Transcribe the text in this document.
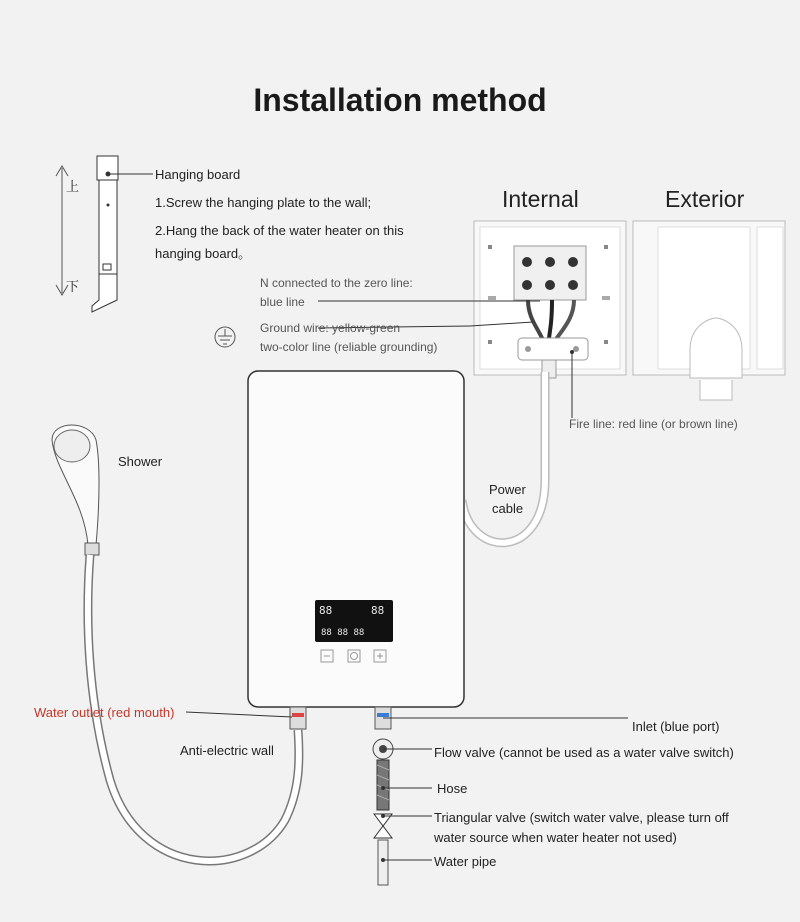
Installation method
88	88
88 88 88
上
下
Hanging board
1.Screw the hanging plate to the wall;
2.Hang the back of the water heater on this
hanging board。
Internal	Exterior
N connected to the zero line:
blue line
Ground wire: yellow-green
two-color line (reliable grounding)
Fire line: red line (or brown line)
Power
cable
Shower
Water outlet (red mouth)
Anti-electric wall
Inlet (blue port)
Flow valve (cannot be used as a water valve switch)
Hose
Triangular valve (switch water valve, please turn off
water source when water heater not used)
Water pipe
